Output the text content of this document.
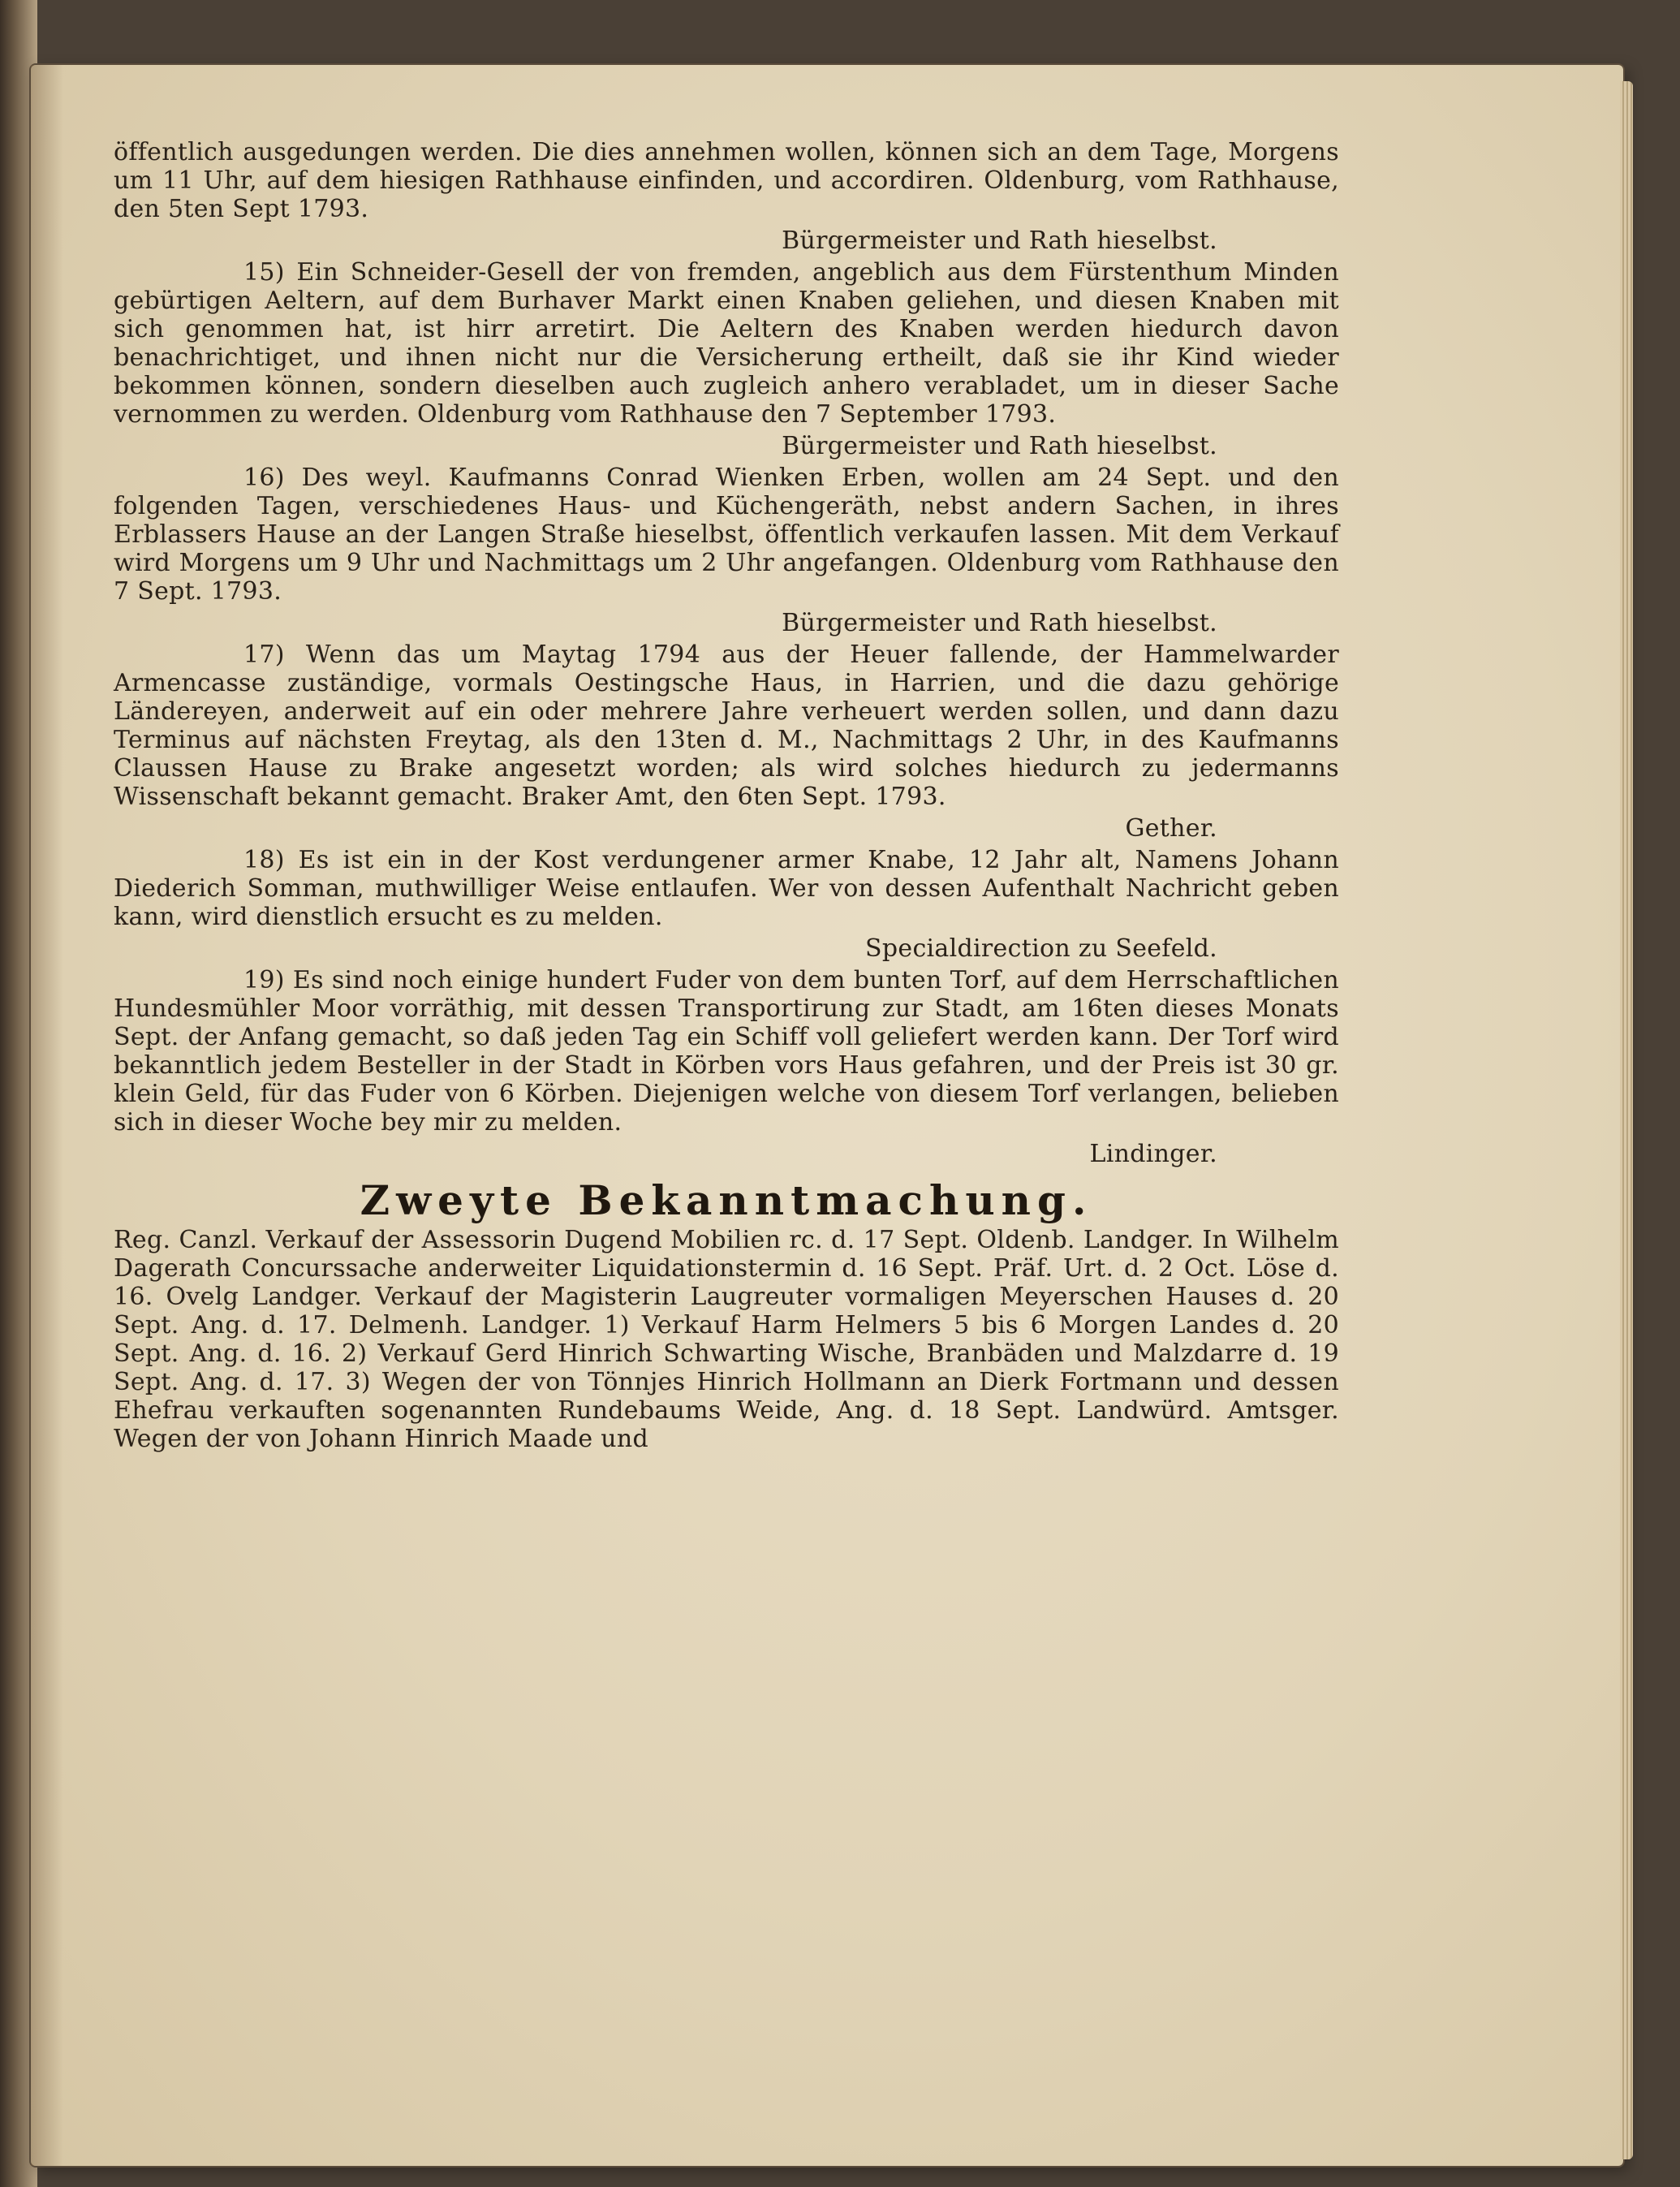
öffentlich ausgedungen werden. Die dies annehmen wollen, können sich an dem Tage, Morgens um 11 Uhr, auf dem hiesigen Rathhause einfinden, und accordiren. Oldenburg, vom Rathhause, den 5ten Sept 1793.

Bürgermeister und Rath hieselbst.

15) Ein Schneider-Gesell der von fremden, angeblich aus dem Fürstenthum Minden gebürtigen Aeltern, auf dem Burhaver Markt einen Knaben geliehen, und diesen Knaben mit sich genommen hat, ist hirr arretirt. Die Aeltern des Knaben werden hiedurch davon benachrichtiget, und ihnen nicht nur die Versicherung ertheilt, daß sie ihr Kind wieder bekommen können, sondern dieselben auch zugleich anhero verabladet, um in dieser Sache vernommen zu werden. Oldenburg vom Rathhause den 7 September 1793.

Bürgermeister und Rath hieselbst.

16) Des weyl. Kaufmanns Conrad Wienken Erben, wollen am 24 Sept. und den folgenden Tagen, verschiedenes Haus- und Küchengeräth, nebst andern Sachen, in ihres Erblassers Hause an der Langen Straße hieselbst, öffentlich verkaufen lassen. Mit dem Verkauf wird Morgens um 9 Uhr und Nachmittags um 2 Uhr angefangen. Oldenburg vom Rathhause den 7 Sept. 1793.

Bürgermeister und Rath hieselbst.

17) Wenn das um Maytag 1794 aus der Heuer fallende, der Hammelwarder Armencasse zuständige, vormals Oestingsche Haus, in Harrien, und die dazu gehörige Ländereyen, anderweit auf ein oder mehrere Jahre verheuert werden sollen, und dann dazu Terminus auf nächsten Freytag, als den 13ten d. M., Nachmittags 2 Uhr, in des Kaufmanns Claussen Hause zu Brake angesetzt worden; als wird solches hiedurch zu jedermanns Wissenschaft bekannt gemacht. Braker Amt, den 6ten Sept. 1793.

Gether.

18) Es ist ein in der Kost verdungener armer Knabe, 12 Jahr alt, Namens Johann Diederich Somman, muthwilliger Weise entlaufen. Wer von dessen Aufenthalt Nachricht geben kann, wird dienstlich ersucht es zu melden.

Specialdirection zu Seefeld.

19) Es sind noch einige hundert Fuder von dem bunten Torf, auf dem Herrschaftlichen Hundesmühler Moor vorräthig, mit dessen Transportirung zur Stadt, am 16ten dieses Monats Sept. der Anfang gemacht, so daß jeden Tag ein Schiff voll geliefert werden kann. Der Torf wird bekanntlich jedem Besteller in der Stadt in Körben vors Haus gefahren, und der Preis ist 30 gr. klein Geld, für das Fuder von 6 Körben. Diejenigen welche von diesem Torf verlangen, belieben sich in dieser Woche bey mir zu melden.

Lindinger.

Zweyte Bekanntmachung.

Reg. Canzl. Verkauf der Assessorin Dugend Mobilien rc. d. 17 Sept. Oldenb. Landger. In Wilhelm Dagerath Concurssache anderweiter Liquidationstermin d. 16 Sept. Präf. Urt. d. 2 Oct. Löse d. 16. Ovelg Landger. Verkauf der Magisterin Laugreuter vormaligen Meyerschen Hauses d. 20 Sept. Ang. d. 17. Delmenh. Landger. 1) Verkauf Harm Helmers 5 bis 6 Morgen Landes d. 20 Sept. Ang. d. 16. 2) Verkauf Gerd Hinrich Schwarting Wische, Branbäden und Malzdarre d. 19 Sept. Ang. d. 17. 3) Wegen der von Tönnjes Hinrich Hollmann an Dierk Fortmann und dessen Ehefrau verkauften sogenannten Rundebaums Weide, Ang. d. 18 Sept. Landwürd. Amtsger. Wegen der von Johann Hinrich Maade und
